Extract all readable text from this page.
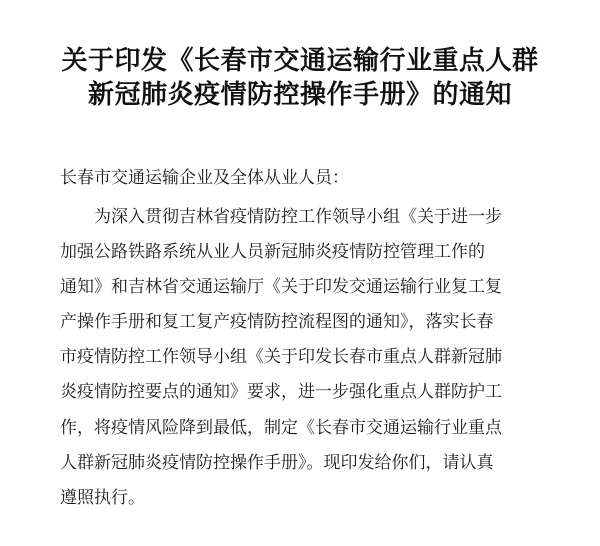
关于印发《长春市交通运输行业重点人群
新冠肺炎疫情防控操作手册》的通知

长春市交通运输企业及全体从业人员：

为深入贯彻吉林省疫情防控工作领导小组《关于进一步
加强公路铁路系统从业人员新冠肺炎疫情防控管理工作的
通知》和吉林省交通运输厅《关于印发交通运输行业复工复
产操作手册和复工复产疫情防控流程图的通知》，落实长春
市疫情防控工作领导小组《关于印发长春市重点人群新冠肺
炎疫情防控要点的通知》要求，进一步强化重点人群防护工
作，将疫情风险降到最低，制定《长春市交通运输行业重点
人群新冠肺炎疫情防控操作手册》。现印发给你们，请认真
遵照执行。
